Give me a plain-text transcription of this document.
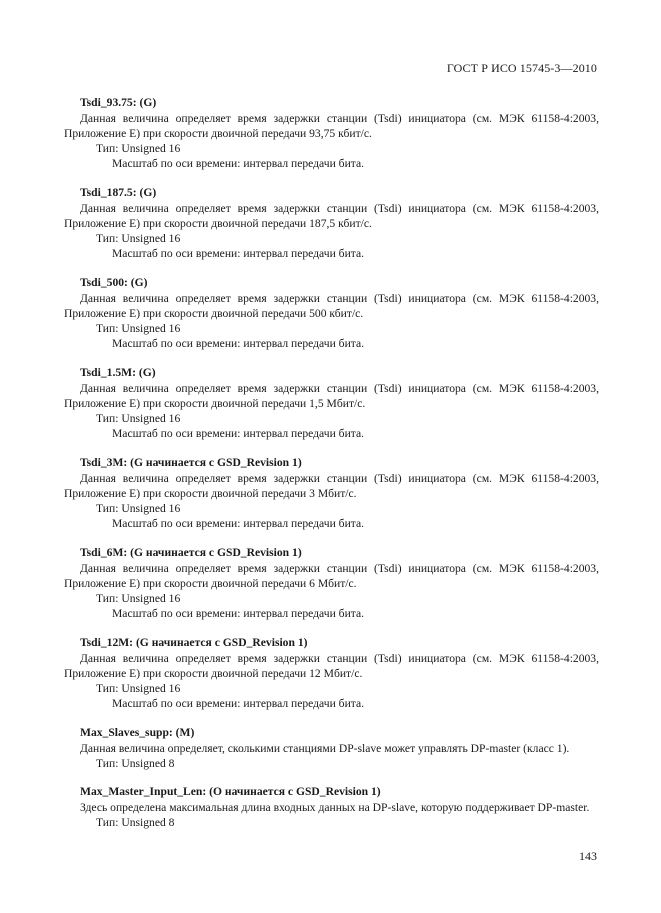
ГОСТ Р ИСО 15745-3—2010
Tsdi_93.75: (G)
Данная величина определяет время задержки станции (Tsdi) инициатора (см. МЭК 61158-4:2003, Приложение E) при скорости двоичной передачи 93,75 кбит/с.
Тип: Unsigned 16
Масштаб по оси времени: интервал передачи бита.
Tsdi_187.5: (G)
Данная величина определяет время задержки станции (Tsdi) инициатора (см. МЭК 61158-4:2003, Приложение E) при скорости двоичной передачи 187,5 кбит/с.
Тип: Unsigned 16
Масштаб по оси времени: интервал передачи бита.
Tsdi_500: (G)
Данная величина определяет время задержки станции (Tsdi) инициатора (см. МЭК 61158-4:2003, Приложение E) при скорости двоичной передачи 500 кбит/с.
Тип: Unsigned 16
Масштаб по оси времени: интервал передачи бита.
Tsdi_1.5M: (G)
Данная величина определяет время задержки станции (Tsdi) инициатора (см. МЭК 61158-4:2003, Приложение E) при скорости двоичной передачи 1,5 Мбит/с.
Тип: Unsigned 16
Масштаб по оси времени: интервал передачи бита.
Tsdi_3M: (G начинается с GSD_Revision 1)
Данная величина определяет время задержки станции (Tsdi) инициатора (см. МЭК 61158-4:2003, Приложение E) при скорости двоичной передачи 3 Мбит/с.
Тип: Unsigned 16
Масштаб по оси времени: интервал передачи бита.
Tsdi_6M: (G начинается с GSD_Revision 1)
Данная величина определяет время задержки станции (Tsdi) инициатора (см. МЭК 61158-4:2003, Приложение E) при скорости двоичной передачи 6 Мбит/с.
Тип: Unsigned 16
Масштаб по оси времени: интервал передачи бита.
Tsdi_12M: (G начинается с GSD_Revision 1)
Данная величина определяет время задержки станции (Tsdi) инициатора (см. МЭК 61158-4:2003, Приложение E) при скорости двоичной передачи 12 Мбит/с.
Тип: Unsigned 16
Масштаб по оси времени: интервал передачи бита.
Max_Slaves_supp: (M)
Данная величина определяет, сколькими станциями DP-slave может управлять DP-master (класс 1).
Тип: Unsigned 8
Max_Master_Input_Len: (O начинается с GSD_Revision 1)
Здесь определена максимальная длина входных данных на DP-slave, которую поддерживает DP-master.
Тип: Unsigned 8
143
